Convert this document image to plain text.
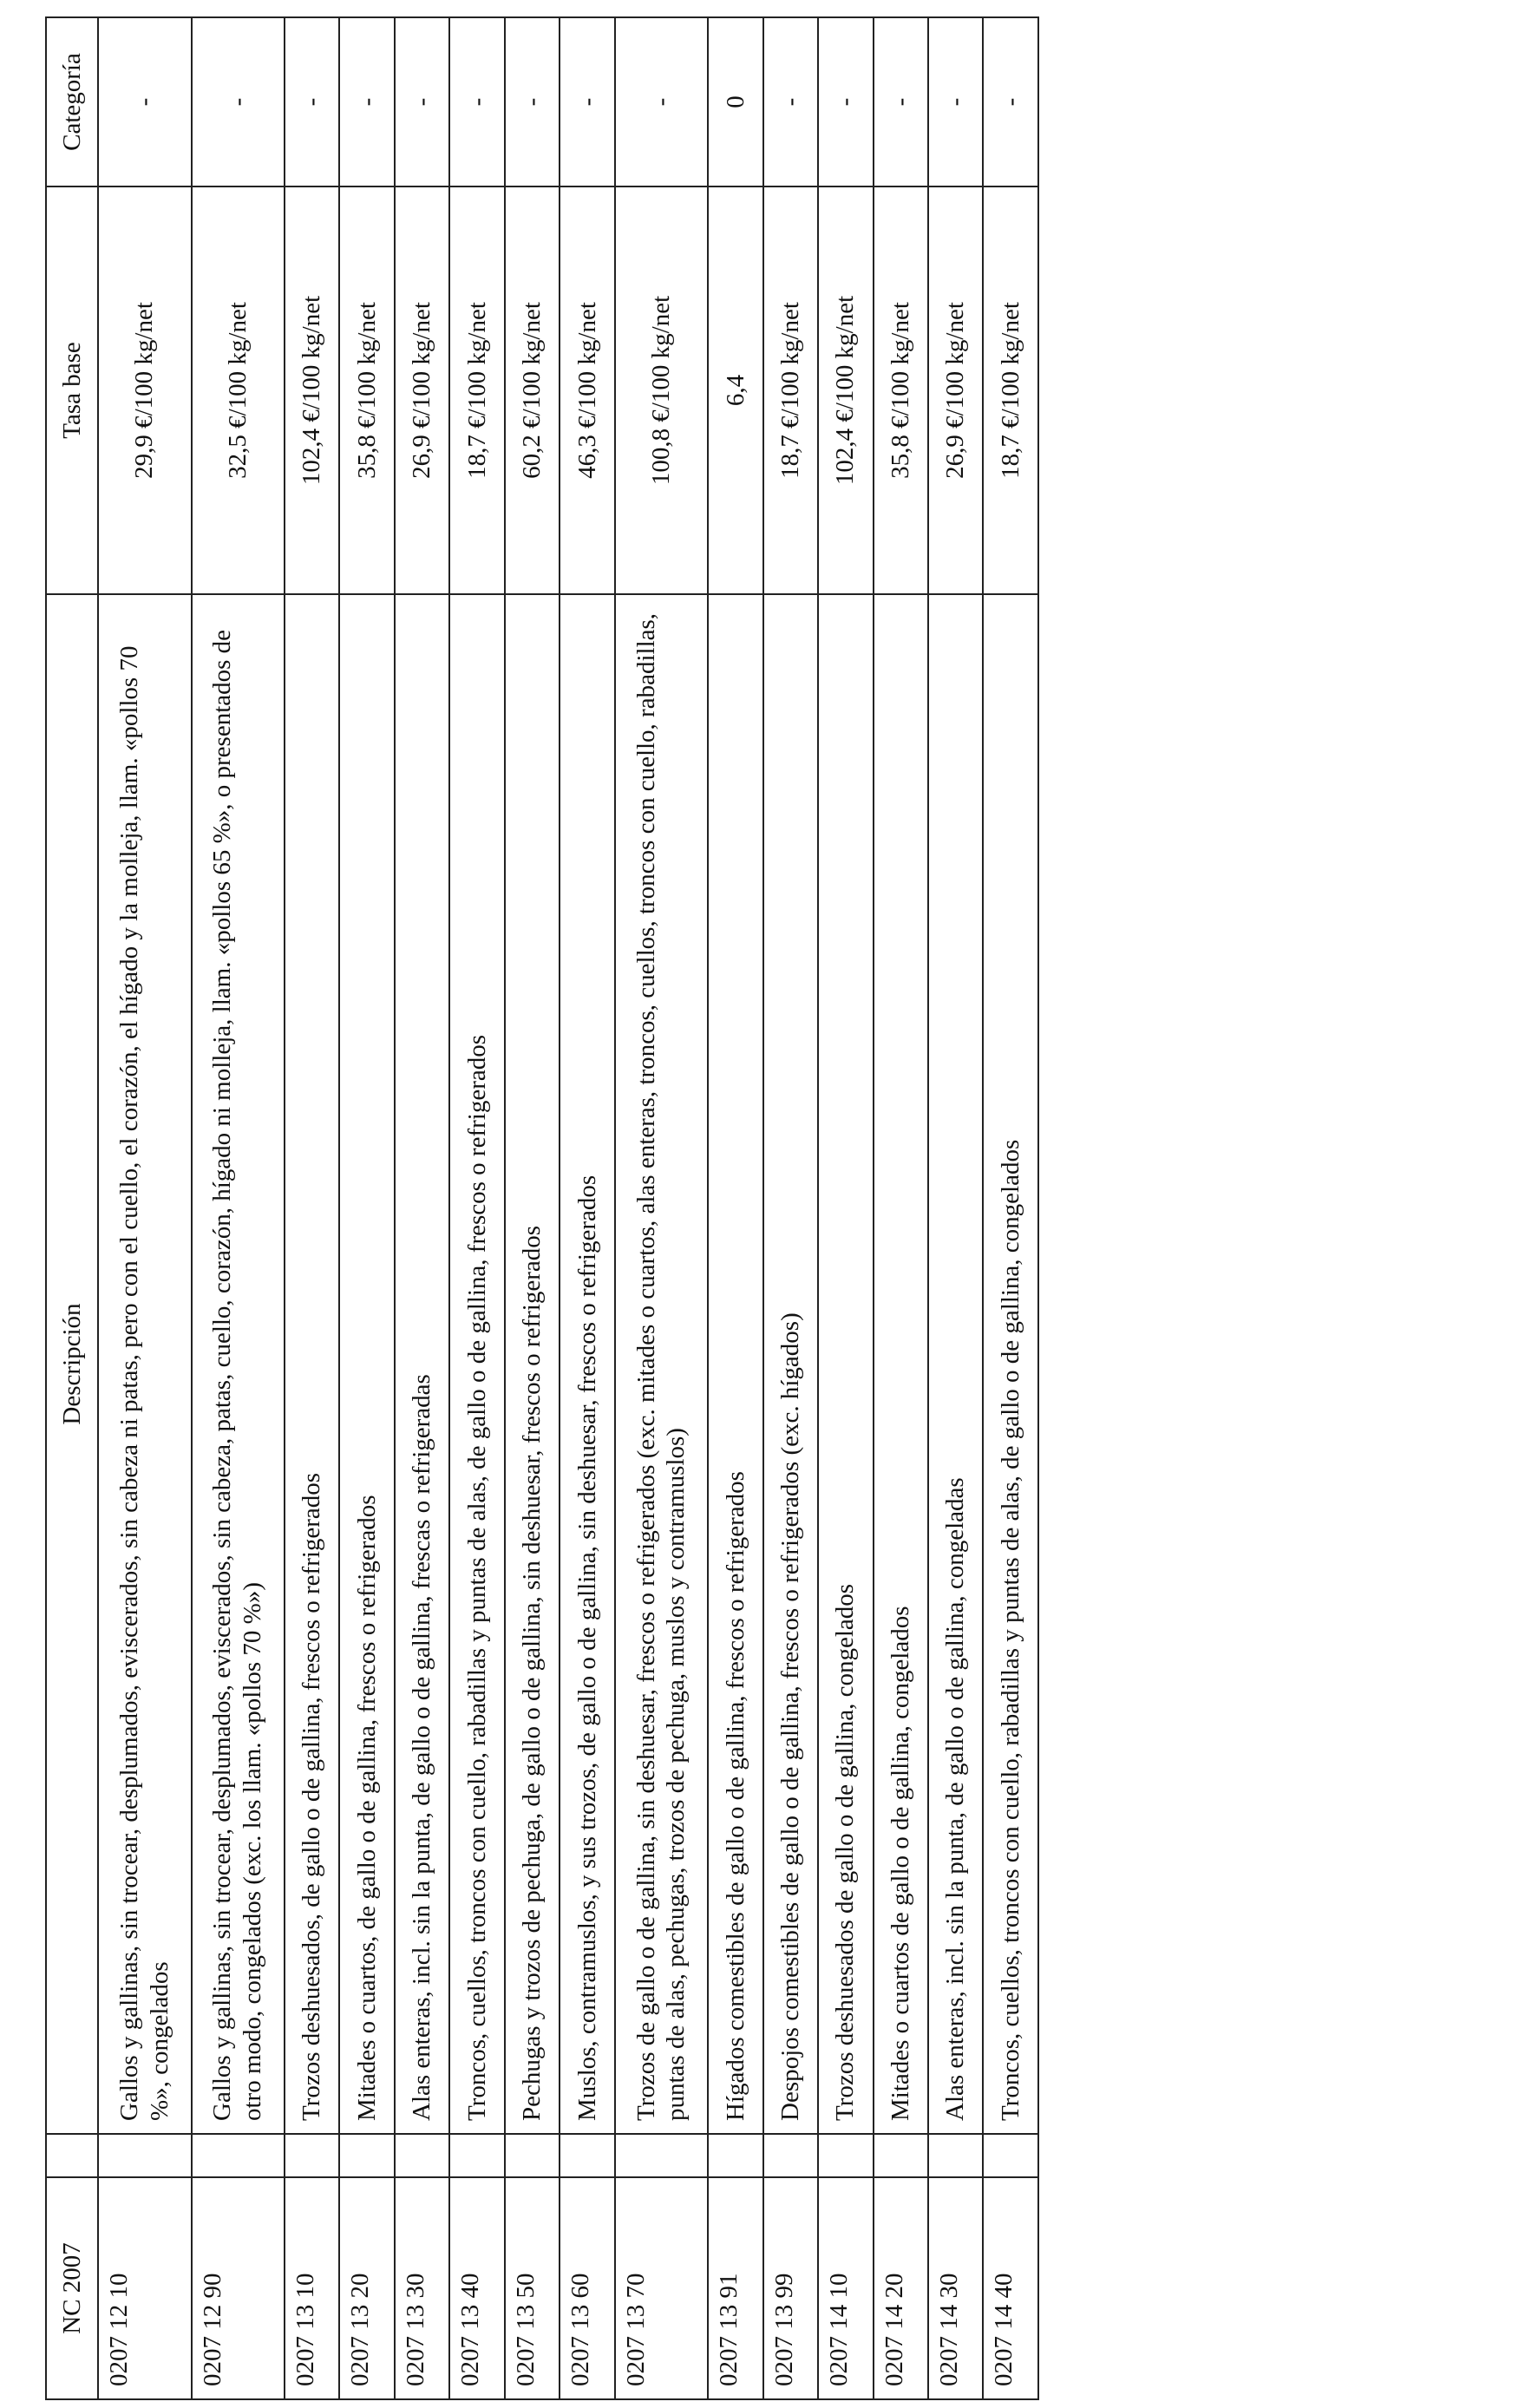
NC 2007		Descripción	Tasa base	Categoría
0207 12 10		Gallos y gallinas, sin trocear, desplumados, eviscerados, sin cabeza ni patas, pero con el cuello, el corazón, el hígado y la molleja, llam. «pollos 70 %», congelados	29,9 €/100 kg/net	-
0207 12 90		Gallos y gallinas, sin trocear, desplumados, eviscerados, sin cabeza, patas, cuello, corazón, hígado ni molleja, llam. «pollos 65 %», o presentados de otro modo, congelados (exc. los llam. «pollos 70 %»)	32,5 €/100 kg/net	-
0207 13 10		Trozos deshuesados, de gallo o de gallina, frescos o refrigerados	102,4 €/100 kg/net	-
0207 13 20		Mitades o cuartos, de gallo o de gallina, frescos o refrigerados	35,8 €/100 kg/net	-
0207 13 30		Alas enteras, incl. sin la punta, de gallo o de gallina, frescas o refrigeradas	26,9 €/100 kg/net	-
0207 13 40		Troncos, cuellos, troncos con cuello, rabadillas y puntas de alas, de gallo o de gallina, frescos o refrigerados	18,7 €/100 kg/net	-
0207 13 50		Pechugas y trozos de pechuga, de gallo o de gallina, sin deshuesar, frescos o refrigerados	60,2 €/100 kg/net	-
0207 13 60		Muslos, contramuslos, y sus trozos, de gallo o de gallina, sin deshuesar, frescos o refrigerados	46,3 €/100 kg/net	-
0207 13 70		Trozos de gallo o de gallina, sin deshuesar, frescos o refrigerados (exc. mitades o cuartos, alas enteras, troncos, cuellos, troncos con cuello, rabadillas, puntas de alas, pechugas, trozos de pechuga, muslos y contramuslos)	100,8 €/100 kg/net	-
0207 13 91		Hígados comestibles de gallo o de gallina, frescos o refrigerados	6,4	0
0207 13 99		Despojos comestibles de gallo o de gallina, frescos o refrigerados (exc. hígados)	18,7 €/100 kg/net	-
0207 14 10		Trozos deshuesados de gallo o de gallina, congelados	102,4 €/100 kg/net	-
0207 14 20		Mitades o cuartos de gallo o de gallina, congelados	35,8 €/100 kg/net	-
0207 14 30		Alas enteras, incl. sin la punta, de gallo o de gallina, congeladas	26,9 €/100 kg/net	-
0207 14 40		Troncos, cuellos, troncos con cuello, rabadillas y puntas de alas, de gallo o de gallina, congelados	18,7 €/100 kg/net	-
